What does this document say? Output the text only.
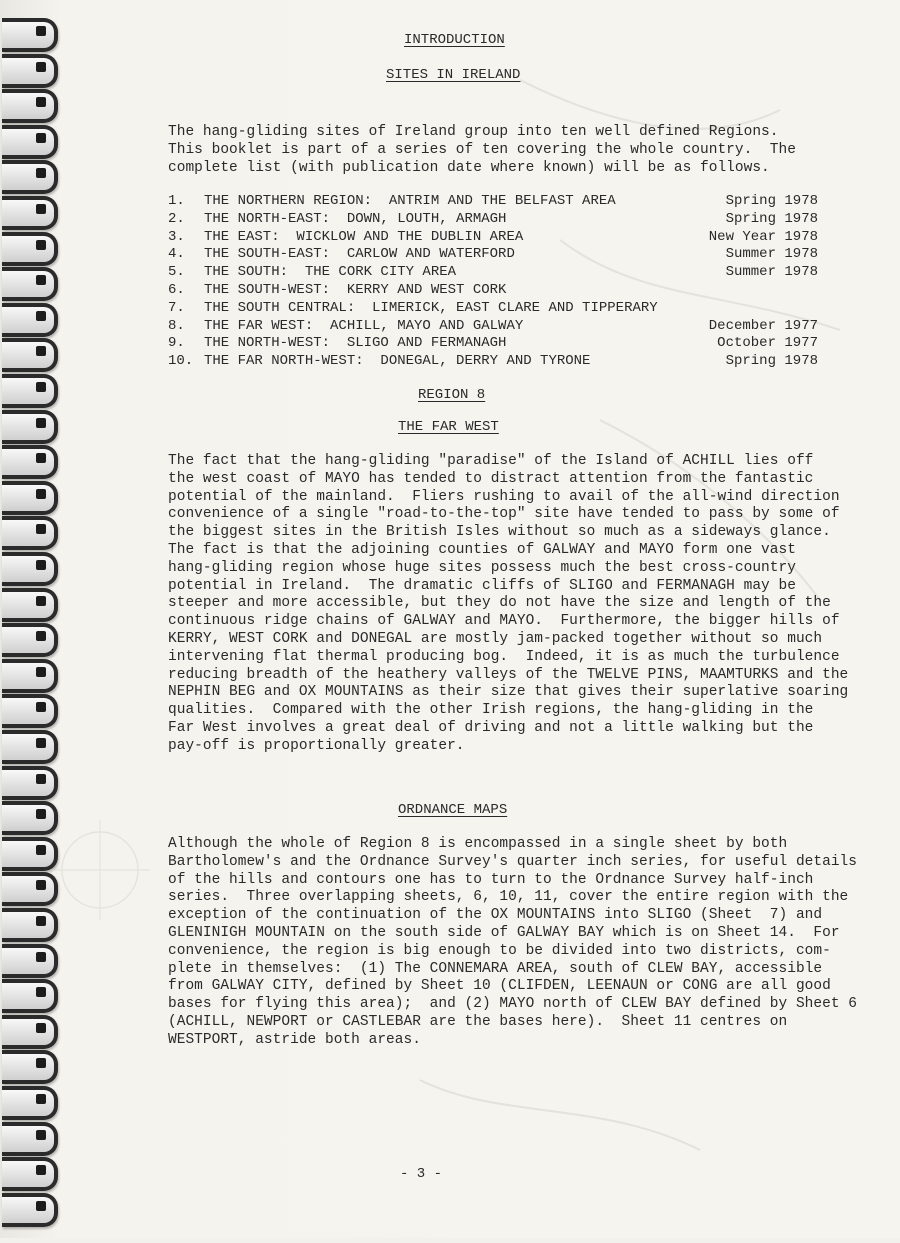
INTRODUCTION
SITES IN IRELAND
The hang-gliding sites of Ireland group into ten well defined Regions.
This booklet is part of a series of ten covering the whole country.  The
complete list (with publication date where known) will be as follows.
1.	THE NORTHERN REGION:  ANTRIM AND THE BELFAST AREA	Spring 1978
2.	THE NORTH-EAST:  DOWN, LOUTH, ARMAGH	Spring 1978
3.	THE EAST:  WICKLOW AND THE DUBLIN AREA	New Year 1978
4.	THE SOUTH-EAST:  CARLOW AND WATERFORD	Summer 1978
5.	THE SOUTH:  THE CORK CITY AREA	Summer 1978
6.	THE SOUTH-WEST:  KERRY AND WEST CORK
7.	THE SOUTH CENTRAL:  LIMERICK, EAST CLARE AND TIPPERARY
8.	THE FAR WEST:  ACHILL, MAYO AND GALWAY	December 1977
9.	THE NORTH-WEST:  SLIGO AND FERMANAGH	October 1977
10. THE FAR NORTH-WEST:  DONEGAL, DERRY AND TYRONE	Spring 1978
REGION 8
THE FAR WEST
The fact that the hang-gliding "paradise" of the Island of ACHILL lies off
the west coast of MAYO has tended to distract attention from the fantastic
potential of the mainland.  Fliers rushing to avail of the all-wind direction
convenience of a single "road-to-the-top" site have tended to pass by some of
the biggest sites in the British Isles without so much as a sideways glance.
The fact is that the adjoining counties of GALWAY and MAYO form one vast
hang-gliding region whose huge sites possess much the best cross-country
potential in Ireland.  The dramatic cliffs of SLIGO and FERMANAGH may be
steeper and more accessible, but they do not have the size and length of the
continuous ridge chains of GALWAY and MAYO.  Furthermore, the bigger hills of
KERRY, WEST CORK and DONEGAL are mostly jam-packed together without so much
intervening flat thermal producing bog.  Indeed, it is as much the turbulence
reducing breadth of the heathery valleys of the TWELVE PINS, MAAMTURKS and the
NEPHIN BEG and OX MOUNTAINS as their size that gives their superlative soaring
qualities.  Compared with the other Irish regions, the hang-gliding in the
Far West involves a great deal of driving and not a little walking but the
pay-off is proportionally greater.
ORDNANCE MAPS
Although the whole of Region 8 is encompassed in a single sheet by both
Bartholomew's and the Ordnance Survey's quarter inch series, for useful details
of the hills and contours one has to turn to the Ordnance Survey half-inch
series.  Three overlapping sheets, 6, 10, 11, cover the entire region with the
exception of the continuation of the OX MOUNTAINS into SLIGO (Sheet  7) and
GLENINIGH MOUNTAIN on the south side of GALWAY BAY which is on Sheet 14.  For
convenience, the region is big enough to be divided into two districts, com-
plete in themselves:  (1) The CONNEMARA AREA, south of CLEW BAY, accessible
from GALWAY CITY, defined by Sheet 10 (CLIFDEN, LEENAUN or CONG are all good
bases for flying this area);  and (2) MAYO north of CLEW BAY defined by Sheet 6
(ACHILL, NEWPORT or CASTLEBAR are the bases here).  Sheet 11 centres on
WESTPORT, astride both areas.
- 3 -
